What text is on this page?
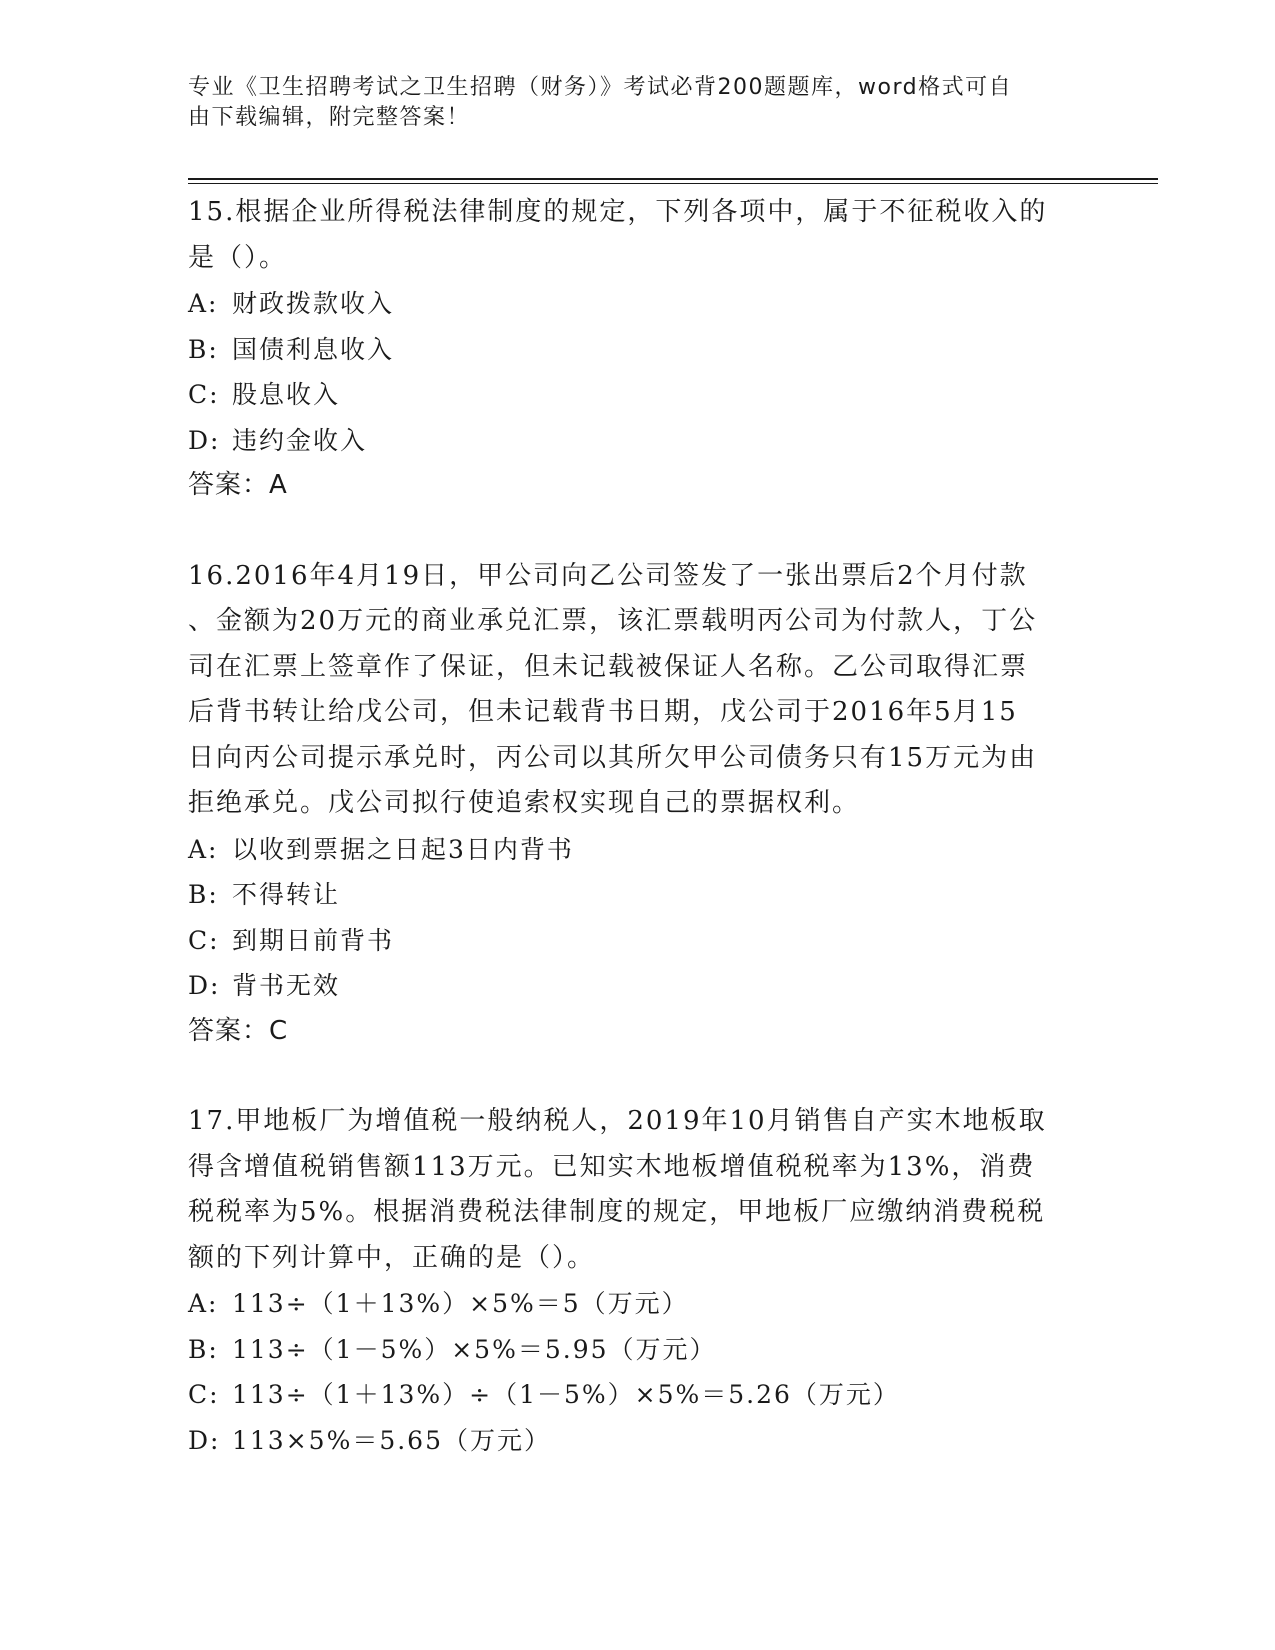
专业《卫生招聘考试之卫生招聘（财务）》考试必背200题题库，word格式可自
由下载编辑，附完整答案！
15.根据企业所得税法律制度的规定，下列各项中，属于不征税收入的
是（）。
A: 财政拨款收入
B: 国债利息收入
C: 股息收入
D: 违约金收入
答案：A
16.2016年4月19日，甲公司向乙公司签发了一张出票后2个月付款
、金额为20万元的商业承兑汇票，该汇票载明丙公司为付款人，丁公
司在汇票上签章作了保证，但未记载被保证人名称。乙公司取得汇票
后背书转让给戊公司，但未记载背书日期，戊公司于2016年5月15
日向丙公司提示承兑时，丙公司以其所欠甲公司债务只有15万元为由
拒绝承兑。戊公司拟行使追索权实现自己的票据权利。
A: 以收到票据之日起3日内背书
B: 不得转让
C: 到期日前背书
D: 背书无效
答案：C
17.甲地板厂为增值税一般纳税人，2019年10月销售自产实木地板取
得含增值税销售额113万元。已知实木地板增值税税率为13%，消费
税税率为5%。根据消费税法律制度的规定，甲地板厂应缴纳消费税税
额的下列计算中，正确的是（）。
A: 113÷（1＋13%）×5%＝5（万元）
B: 113÷（1－5%）×5%＝5.95（万元）
C: 113÷（1＋13%）÷（1－5%）×5%＝5.26（万元）
D: 113×5%＝5.65（万元）
